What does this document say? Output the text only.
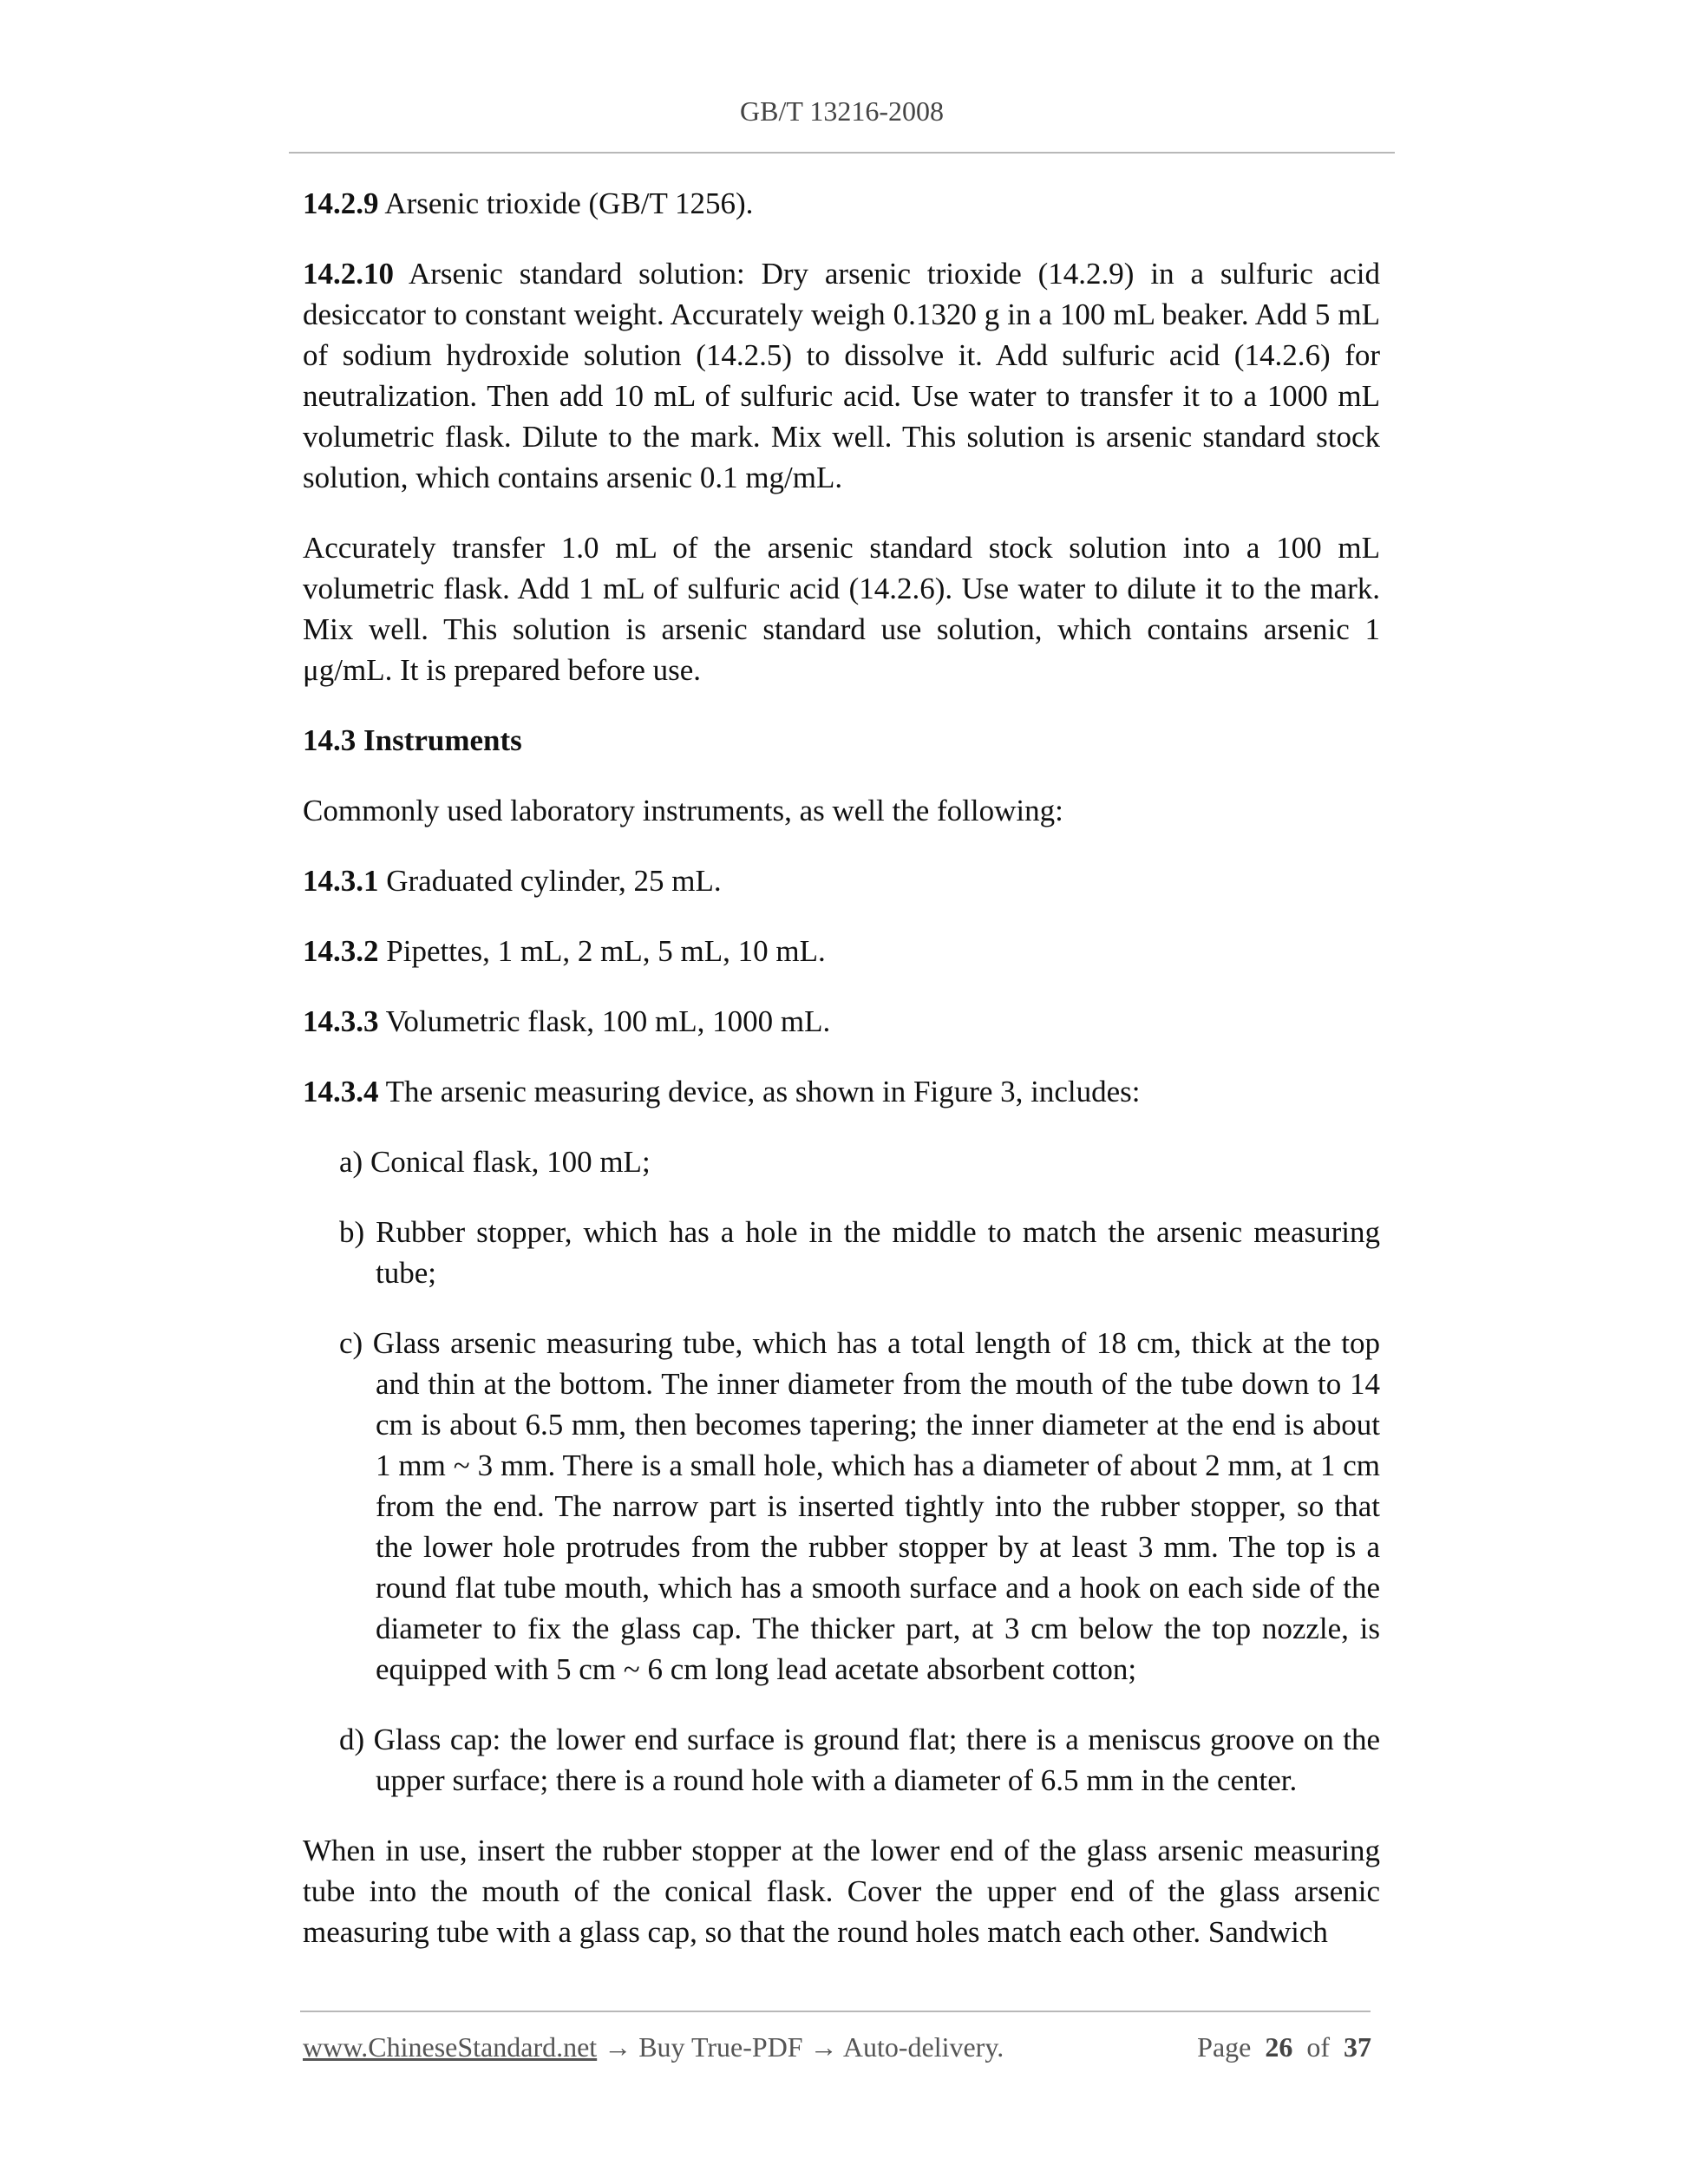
GB/T 13216-2008

14.2.9 Arsenic trioxide (GB/T 1256).

14.2.10 Arsenic standard solution: Dry arsenic trioxide (14.2.9) in a sulfuric acid desiccator to constant weight. Accurately weigh 0.1320 g in a 100 mL beaker. Add 5 mL of sodium hydroxide solution (14.2.5) to dissolve it. Add sulfuric acid (14.2.6) for neutralization. Then add 10 mL of sulfuric acid. Use water to transfer it to a 1000 mL volumetric flask. Dilute to the mark. Mix well. This solution is arsenic standard stock solution, which contains arsenic 0.1 mg/mL.

Accurately transfer 1.0 mL of the arsenic standard stock solution into a 100 mL volumetric flask. Add 1 mL of sulfuric acid (14.2.6). Use water to dilute it to the mark. Mix well. This solution is arsenic standard use solution, which contains arsenic 1 μg/mL. It is prepared before use.

14.3 Instruments

Commonly used laboratory instruments, as well the following:

14.3.1 Graduated cylinder, 25 mL.

14.3.2 Pipettes, 1 mL, 2 mL, 5 mL, 10 mL.

14.3.3 Volumetric flask, 100 mL, 1000 mL.

14.3.4 The arsenic measuring device, as shown in Figure 3, includes:

a) Conical flask, 100 mL;

b) Rubber stopper, which has a hole in the middle to match the arsenic measuring tube;

c) Glass arsenic measuring tube, which has a total length of 18 cm, thick at the top and thin at the bottom. The inner diameter from the mouth of the tube down to 14 cm is about 6.5 mm, then becomes tapering; the inner diameter at the end is about 1 mm ~ 3 mm. There is a small hole, which has a diameter of about 2 mm, at 1 cm from the end. The narrow part is inserted tightly into the rubber stopper, so that the lower hole protrudes from the rubber stopper by at least 3 mm. The top is a round flat tube mouth, which has a smooth surface and a hook on each side of the diameter to fix the glass cap. The thicker part, at 3 cm below the top nozzle, is equipped with 5 cm ~ 6 cm long lead acetate absorbent cotton;

d) Glass cap: the lower end surface is ground flat; there is a meniscus groove on the upper surface; there is a round hole with a diameter of 6.5 mm in the center.

When in use, insert the rubber stopper at the lower end of the glass arsenic measuring tube into the mouth of the conical flask. Cover the upper end of the glass arsenic measuring tube with a glass cap, so that the round holes match each other. Sandwich

www.ChineseStandard.net → Buy True-PDF → Auto-delivery.	Page 26 of 37
